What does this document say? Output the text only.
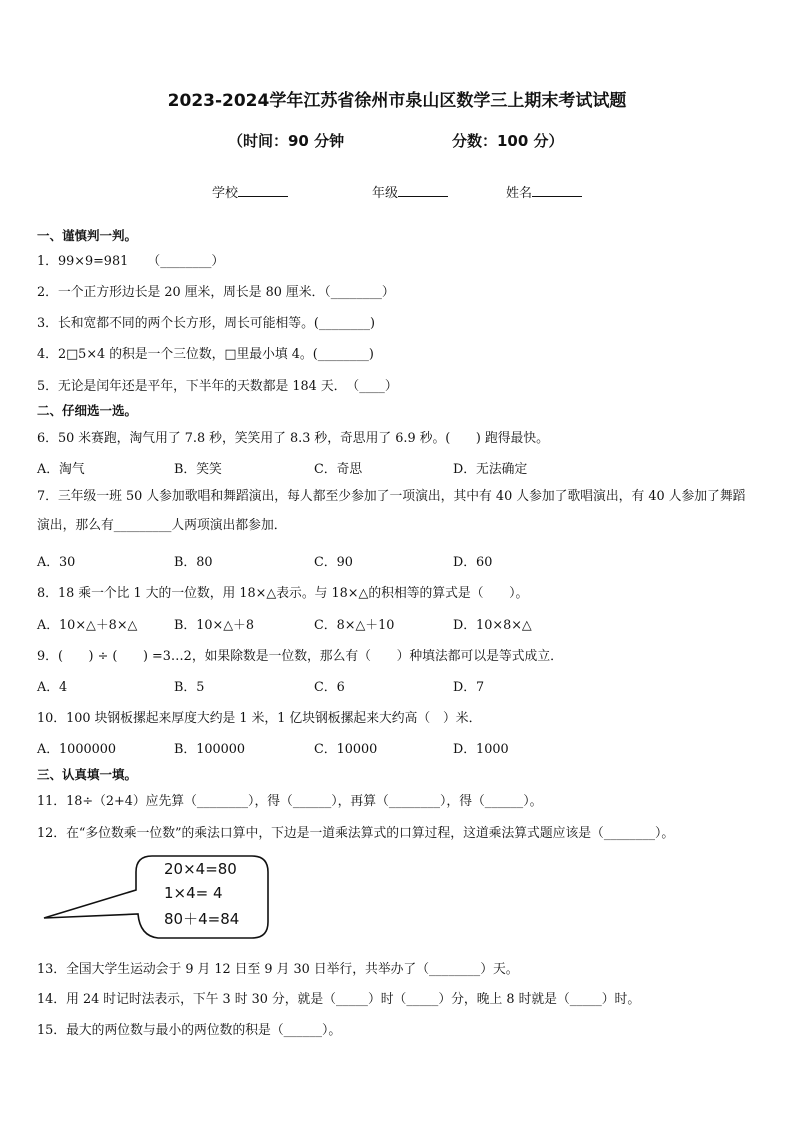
2023-2024学年江苏省徐州市泉山区数学三上期末考试试题
（时间：90 分钟	分数：100 分）
学校	年级	姓名
一、谨慎判一判。
1．99×9=981　　（________）
2．一个正方形边长是 20 厘米，周长是 80 厘米．（________）
3．长和宽都不同的两个长方形，周长可能相等。(________)
4．2□5×4 的积是一个三位数，□里最小填 4。(________)
5．无论是闰年还是平年，下半年的天数都是 184 天．　（____）
二、仔细选一选。
6．50 米赛跑，淘气用了 7.8 秒，笑笑用了 8.3 秒，奇思用了 6.9 秒。(　　) 跑得最快。
A．淘气	B．笑笑	C．奇思	D．无法确定
7．三年级一班 50 人参加歌唱和舞蹈演出，每人都至少参加了一项演出，其中有 40 人参加了歌唱演出，有 40 人参加了舞蹈演出，那么有_________人两项演出都参加．
A．30	B．80	C．90	D．60
8．18 乘一个比 1 大的一位数，用 18×△表示。与 18×△的积相等的算式是（　　）。
A．10×△＋8×△	B．10×△＋8	C．8×△＋10	D．10×8×△
9．(　　) ÷ (　　) =3…2，如果除数是一位数，那么有（　　）种填法都可以是等式成立．
A．4	B．5	C．6	D．7
10．100 块钢板摞起来厚度大约是 1 米，1 亿块钢板摞起来大约高（　）米．
A．1000000	B．100000	C．10000	D．1000
三、认真填一填。
11．18÷（2+4）应先算（________），得（______），再算（________），得（______）。
12．在“多位数乘一位数”的乘法口算中，下边是一道乘法算式的口算过程，这道乘法算式题应该是（________）。
20×4=80
1×4= 4
80＋4=84
13．全国大学生运动会于 9 月 12 日至 9 月 30 日举行，共举办了（________）天。
14．用 24 时记时法表示，下午 3 时 30 分，就是（_____）时（_____）分，晚上 8 时就是（_____）时。
15．最大的两位数与最小的两位数的积是（______）。
